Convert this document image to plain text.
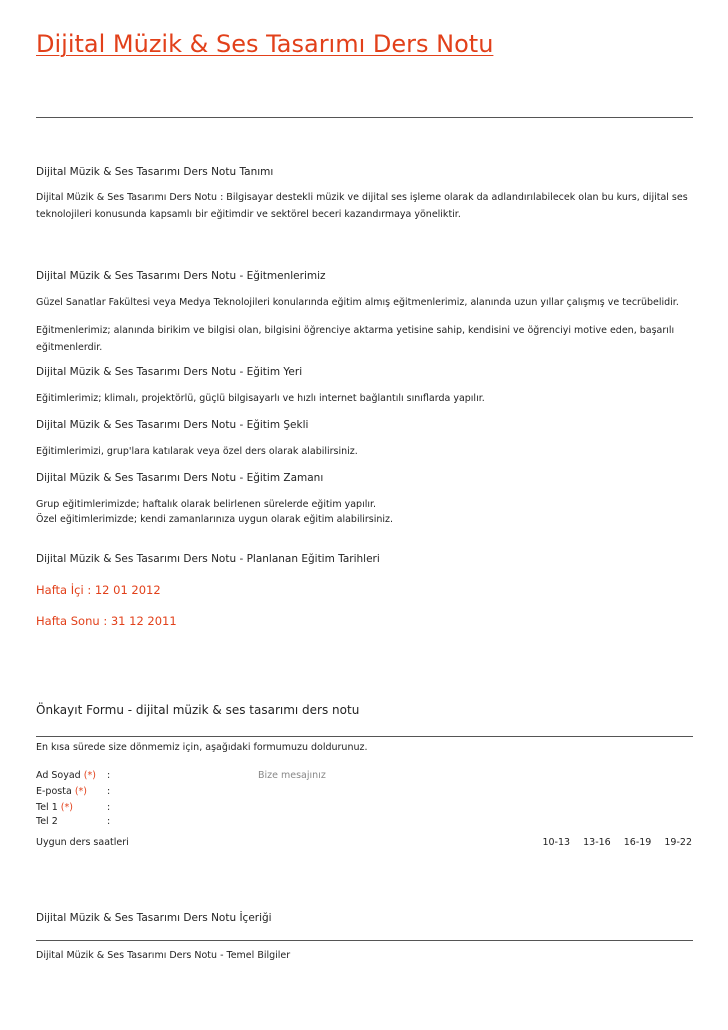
Dijital Müzik & Ses Tasarımı Ders Notu
Dijital Müzik & Ses Tasarımı Ders Notu Tanımı
Dijital Müzik & Ses Tasarımı Ders Notu : Bilgisayar destekli müzik ve dijital ses işleme olarak da adlandırılabilecek olan bu kurs, dijital ses teknolojileri konusunda kapsamlı bir eğitimdir ve sektörel beceri kazandırmaya yöneliktir.
Dijital Müzik & Ses Tasarımı Ders Notu - Eğitmenlerimiz
Güzel Sanatlar Fakültesi veya Medya Teknolojileri konularında eğitim almış eğitmenlerimiz, alanında uzun yıllar çalışmış ve tecrübelidir.
Eğitmenlerimiz; alanında birikim ve bilgisi olan, bilgisini öğrenciye aktarma yetisine sahip, kendisini ve öğrenciyi motive eden, başarılı eğitmenlerdir.
Dijital Müzik & Ses Tasarımı Ders Notu - Eğitim Yeri
Eğitimlerimiz; klimalı, projektörlü, güçlü bilgisayarlı ve hızlı internet bağlantılı sınıflarda yapılır.
Dijital Müzik & Ses Tasarımı Ders Notu - Eğitim Şekli
Eğitimlerimizi, grup'lara katılarak veya özel ders olarak alabilirsiniz.
Dijital Müzik & Ses Tasarımı Ders Notu - Eğitim Zamanı
Grup eğitimlerimizde; haftalık olarak belirlenen sürelerde eğitim yapılır.
Özel eğitimlerimizde; kendi zamanlarınıza uygun olarak eğitim alabilirsiniz.
Dijital Müzik & Ses Tasarımı Ders Notu - Planlanan Eğitim Tarihleri
Hafta İçi : 12 01 2012
Hafta Sonu : 31 12 2011
Önkayıt Formu - dijital müzik & ses tasarımı ders notu
En kısa sürede size dönmemiz için, aşağıdaki formumuzu doldurunuz.
Ad Soyad (*) :
E-posta (*) :
Tel 1 (*)	:
Tel 2	:
Bize mesajınız
Uygun ders saatleri	10-13 13-16 16-19 19-22
Dijital Müzik & Ses Tasarımı Ders Notu İçeriği
Dijital Müzik & Ses Tasarımı Ders Notu - Temel Bilgiler
